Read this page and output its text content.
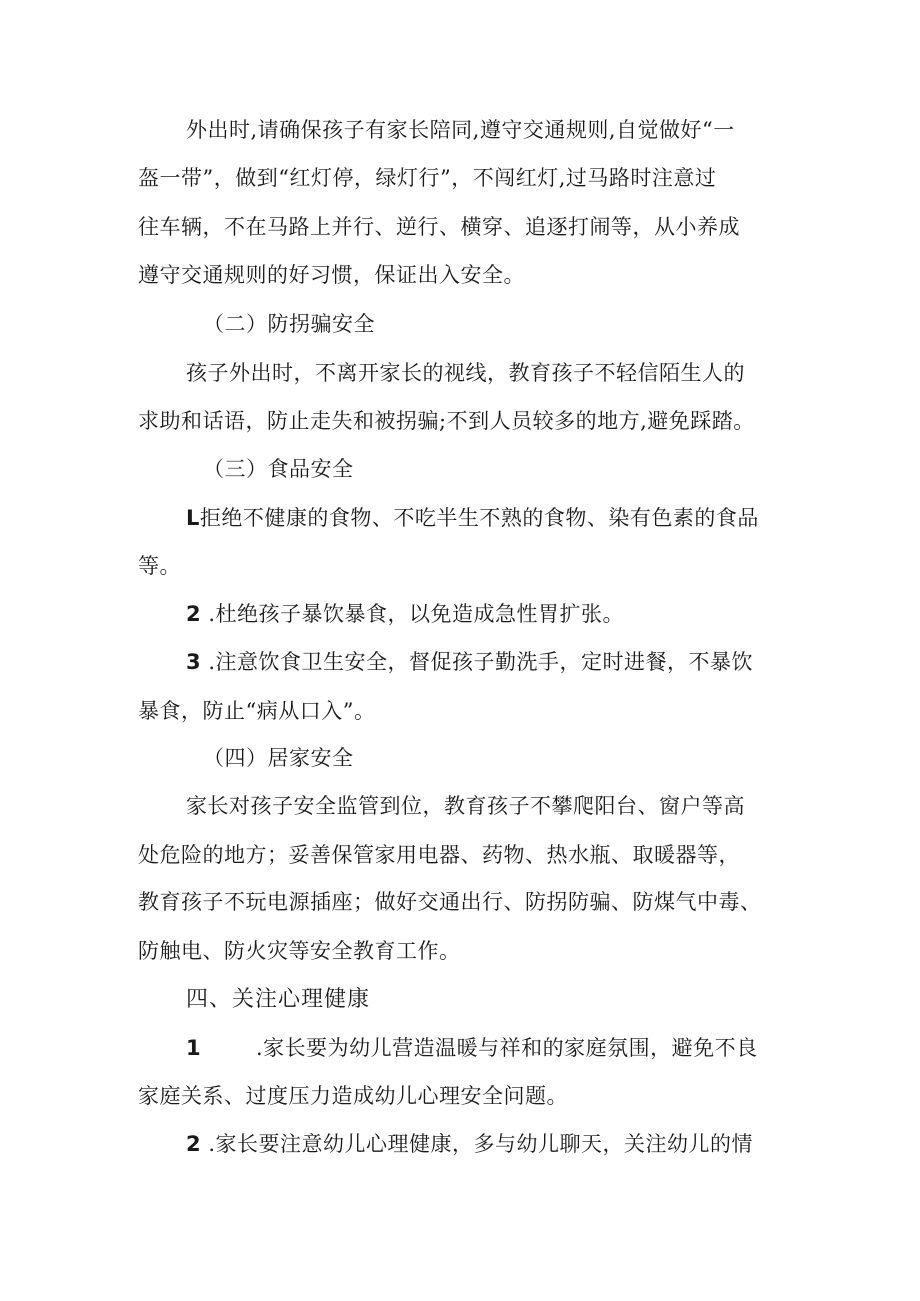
外出时,请确保孩子有家长陪同,遵守交通规则,自觉做好“一
盔一带”，做到“红灯停，绿灯行”，不闯红灯,过马路时注意过
往车辆，不在马路上并行、逆行、横穿、追逐打闹等，从小养成
遵守交通规则的好习惯，保证出入安全。
（二）防拐骗安全
孩子外出时，不离开家长的视线，教育孩子不轻信陌生人的
求助和话语，防止走失和被拐骗;不到人员较多的地方,避免踩踏。
（三）食品安全
L拒绝不健康的食物、不吃半生不熟的食物、染有色素的食品
等。
2 .杜绝孩子暴饮暴食，以免造成急性胃扩张。
3 .注意饮食卫生安全，督促孩子勤洗手，定时进餐，不暴饮
暴食，防止“病从口入”。
（四）居家安全
家长对孩子安全监管到位，教育孩子不攀爬阳台、窗户等高
处危险的地方；妥善保管家用电器、药物、热水瓶、取暖器等，
教育孩子不玩电源插座；做好交通出行、防拐防骗、防煤气中毒、
防触电、防火灾等安全教育工作。
四、关注心理健康
1	.家长要为幼儿营造温暖与祥和的家庭氛围，避免不良
家庭关系、过度压力造成幼儿心理安全问题。
2 .家长要注意幼儿心理健康，多与幼儿聊天，关注幼儿的情
